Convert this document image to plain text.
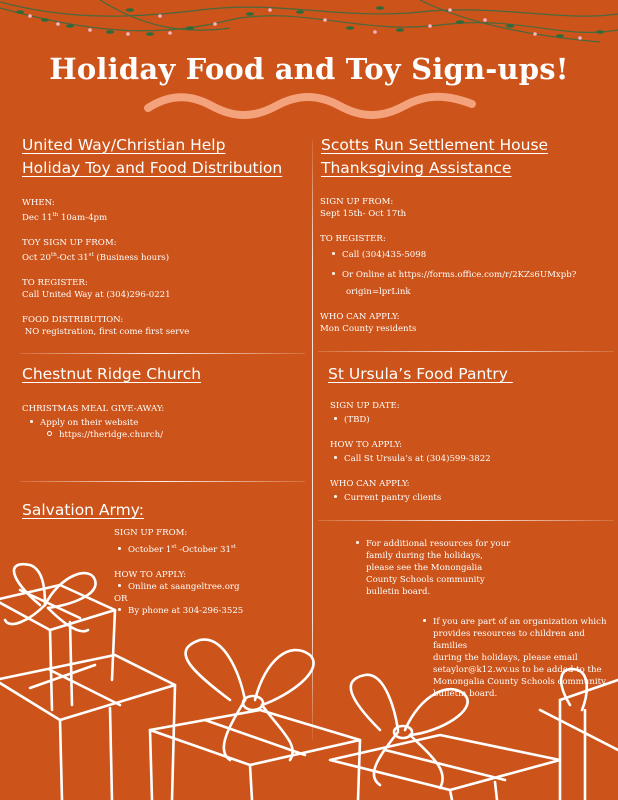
Holiday Food and Toy Sign-ups!
United Way/Christian Help
Holiday Toy and Food Distribution
WHEN:
Dec 11th 10am-4pm
TOY SIGN UP FROM:
Oct 20th-Oct 31st (Business hours)
TO REGISTER:
Call United Way at (304)296-0221
FOOD DISTRIBUTION:
NO registration, first come first serve
Scotts Run Settlement House
Thanksgiving Assistance
SIGN UP FROM:
Sept 15th- Oct 17th
TO REGISTER:
Call (304)435-5098
Or Online at https://forms.office.com/r/2KZs6UMxpb?
origin=lprLink
WHO CAN APPLY:
Mon County residents
Chestnut Ridge Church
CHRISTMAS MEAL GIVE-AWAY:
Apply on their website
https://theridge.church/
St Ursula’s Food Pantry
SIGN UP DATE:
(TBD)
HOW TO APPLY:
Call St Ursula’s at (304)599-3822
WHO CAN APPLY:
Current pantry clients
Salvation Army:
SIGN UP FROM:
October 1st -October 31st
HOW TO APPLY:
Online at saangeltree.org
OR
By phone at 304-296-3525
For additional resources for your
family during the holidays,
please see the Monongalia
County Schools community
bulletin board.
If you are part of an organization which
provides resources to children and families
during the holidays, please email
setaylor@k12.wv.us to be added to the
Monongalia County Schools community
bulletin board.
